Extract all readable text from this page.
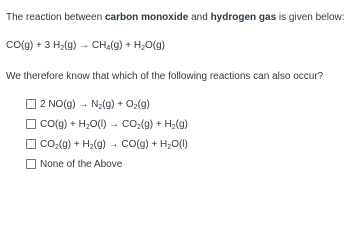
The reaction between carbon monoxide and hydrogen gas is given below:
CO(g) + 3 $H_2(g) \to CH_4(g) + H_2O(g)$
We therefore know that which of the following reactions can also occur?
2 $NO(g) \to N_2(g) + O_2(g)$
$CO(g) + H_2O(l) \to CO_2(g) + H_2(g)$
$CO_2(g) + H_2(g) \to CO(g) + H_2O(l)$
None of the Above
